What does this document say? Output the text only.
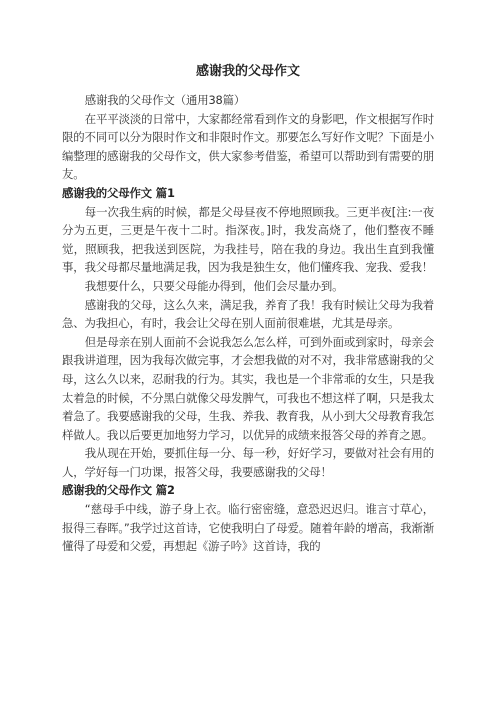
感谢我的父母作文

感谢我的父母作文（通用38篇）

在平平淡淡的日常中，大家都经常看到作文的身影吧，作文根据写作时限的不同可以分为限时作文和非限时作文。那要怎么写好作文呢？下面是小编整理的感谢我的父母作文，供大家参考借鉴，希望可以帮助到有需要的朋友。

感谢我的父母作文 篇1

每一次我生病的时候，都是父母昼夜不停地照顾我。三更半夜[注:一夜分为五更，三更是午夜十二时。指深夜。]时，我发高烧了，他们整夜不睡觉，照顾我，把我送到医院，为我挂号，陪在我的身边。我出生直到我懂事，我父母都尽量地满足我，因为我是独生女，他们懂疼我、宠我、爱我！

我想要什么，只要父母能办得到，他们会尽量办到。

感谢我的父母，这么久来，满足我，养育了我！我有时候让父母为我着急、为我担心，有时，我会让父母在别人面前很难堪，尤其是母亲。

但是母亲在别人面前不会说我怎么怎么样，可到外面或到家时，母亲会跟我讲道理，因为我每次做完事，才会想我做的对不对，我非常感谢我的父母，这么久以来，忍耐我的行为。其实，我也是一个非常乖的女生，只是我太着急的时候，不分黑白就像父母发脾气，可我也不想这样了啊，只是我太着急了。我要感谢我的父母，生我、养我、教育我，从小到大父母教育我怎样做人。我以后要更加地努力学习，以优异的成绩来报答父母的养育之恩。

我从现在开始，要抓住每一分、每一秒，好好学习，要做对社会有用的人，学好每一门功课，报答父母，我要感谢我的父母！

感谢我的父母作文 篇2

“慈母手中线，游子身上衣。临行密密缝，意恐迟迟归。谁言寸草心，报得三春晖。”我学过这首诗，它使我明白了母爱。随着年龄的增高，我渐渐懂得了母爱和父爱，再想起《游子吟》这首诗，我的
